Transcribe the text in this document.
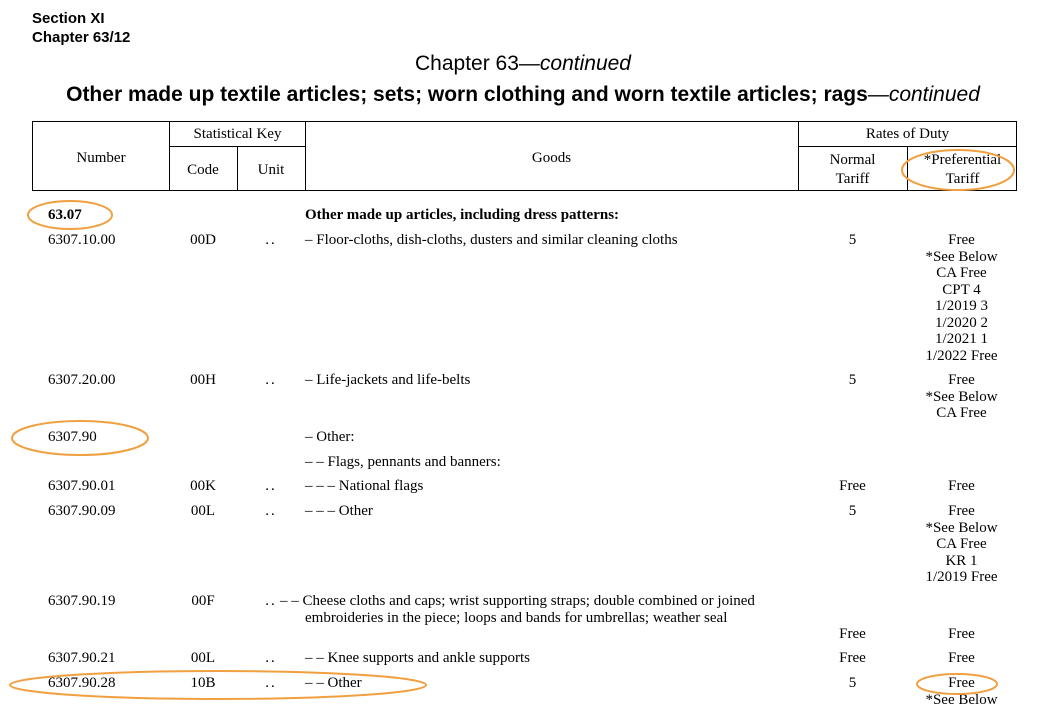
Section XI
Chapter 63/12
Chapter 63—continued
Other made up textile articles; sets; worn clothing and worn textile articles; rags—continued
Number
Statistical Key
Code	Unit
Goods
Rates of Duty
Normal
Tariff
*Preferential
Tariff
63.07	Other made up articles, including dress patterns:
6307.10.00	00D	..	– Floor-cloths, dish-cloths, dusters and similar cleaning cloths	5	Free
*See Below
CA Free
CPT 4
1/2019 3
1/2020 2
1/2021 1
1/2022 Free
6307.20.00	00H	..	– Life-jackets and life-belts	5	Free
*See Below
CA Free
6307.90	– Other:
– – Flags, pennants and banners:
6307.90.01	00K	..	– – – National flags	Free	Free
6307.90.09	00L	..	– – – Other	5	Free
*See Below
CA Free
KR 1
1/2019 Free
6307.90.19	00F	.. – – Cheese cloths and caps; wrist supporting straps; double combined or joined embroideries in the piece; loops and bands for umbrellas; weather seal
Free	Free
6307.90.21	00L	..	– – Knee supports and ankle supports	Free	Free
6307.90.28	10B	..	– – Other	5	Free
*See Below
